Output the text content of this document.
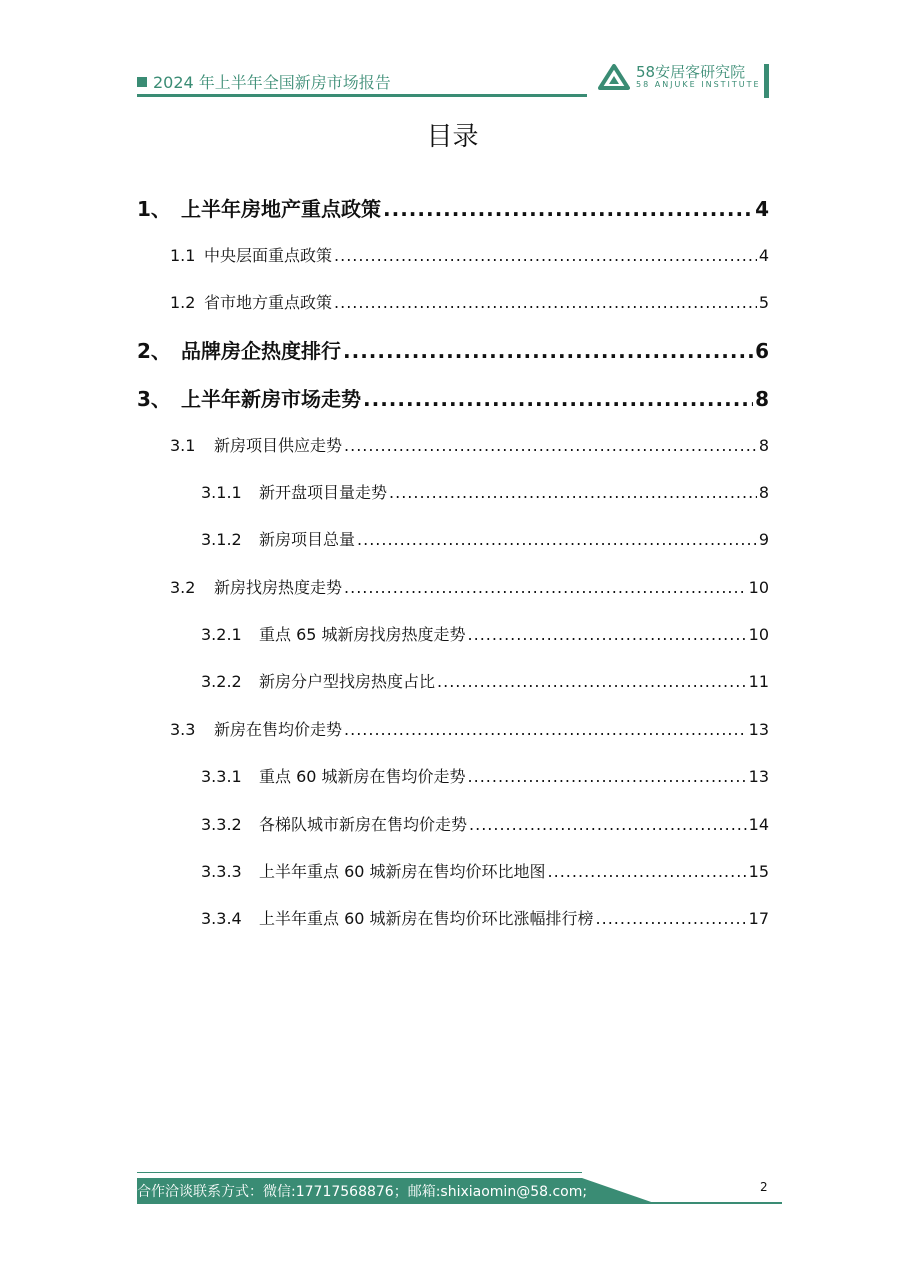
2024 年上半年全国新房市场报告
58安居客研究院
58 ANJUKE INSTITUTE
目录
1、 上半年房地产重点政策 .....	4
1.1 中央层面重点政策 .....	4
1.2 省市地方重点政策 .....	5
2、 品牌房企热度排行 .....	6
3、 上半年新房市场走势 .....	8
3.1	新房项目供应走势 .....	8
3.1.1	新开盘项目量走势 .....	8
3.1.2	新房项目总量 .....	9
3.2	新房找房热度走势 .....	10
3.2.1	重点 65 城新房找房热度走势 .....	10
3.2.2	新房分户型找房热度占比 .....	11
3.3	新房在售均价走势 .....	13
3.3.1	重点 60 城新房在售均价走势 .....	13
3.3.2	各梯队城市新房在售均价走势 .....	14
3.3.3	上半年重点 60 城新房在售均价环比地图 .....	15
3.3.4	上半年重点 60 城新房在售均价环比涨幅排行榜 .....	17
合作洽谈联系方式：微信:17717568876；邮箱:shixiaomin@58.com;	2
